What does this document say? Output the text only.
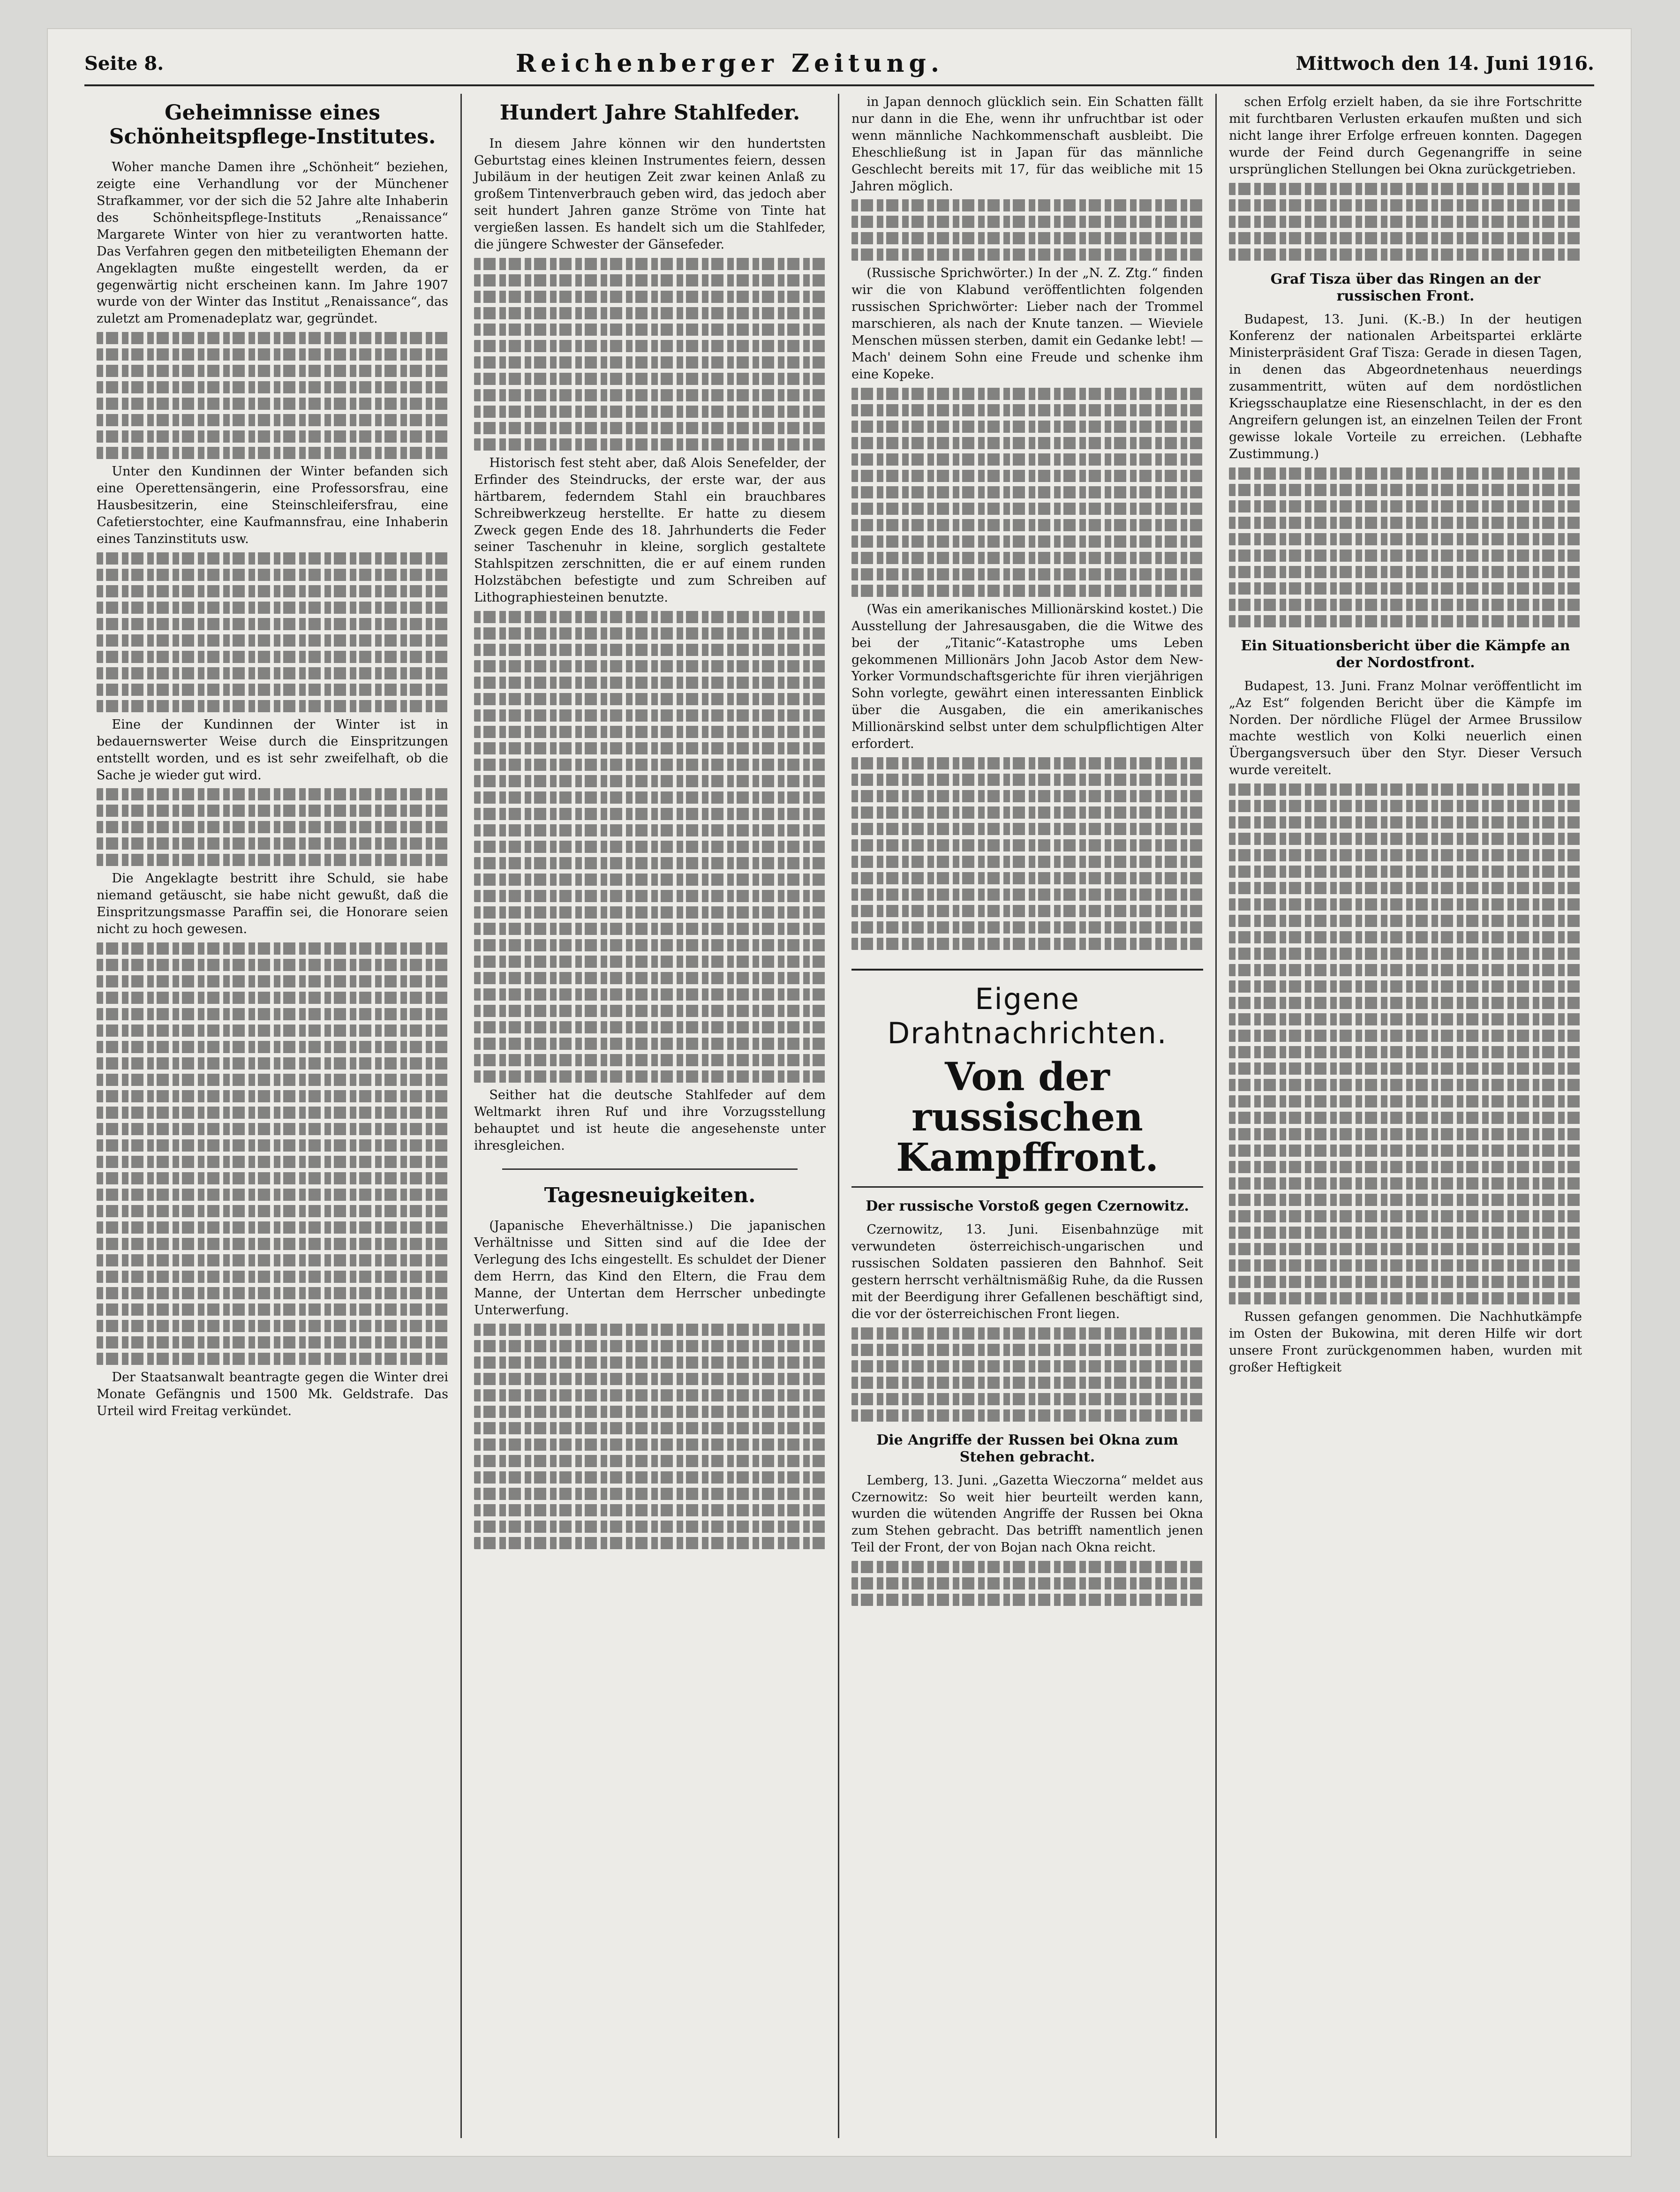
Seite 8.	Reichenberger Zeitung.	Mittwoch den 14. Juni 1916.
Geheimnisse eines Schönheitspflege-Institutes.

Woher manche Damen ihre „Schönheit“ beziehen, zeigte eine Verhandlung vor der Münchener Strafkammer, vor der sich die 52 Jahre alte Inhaberin des Schönheitspflege-Instituts „Renaissance“ Margarete Winter von hier zu verantworten hatte. Das Verfahren gegen den mitbeteiligten Ehemann der Angeklagten mußte eingestellt werden, da er gegenwärtig nicht erscheinen kann. Im Jahre 1907 wurde von der Winter das Institut „Renaissance“, das zuletzt am Promenadeplatz war, gegründet.

Unter den Kundinnen der Winter befanden sich eine Operettensängerin, eine Professorsfrau, eine Hausbesitzerin, eine Steinschleifersfrau, eine Cafetierstochter, eine Kaufmannsfrau, eine Inhaberin eines Tanzinstituts usw.

Eine der Kundinnen der Winter ist in bedauernswerter Weise durch die Einspritzungen entstellt worden, und es ist sehr zweifelhaft, ob die Sache je wieder gut wird.

Die Angeklagte bestritt ihre Schuld, sie habe niemand getäuscht, sie habe nicht gewußt, daß die Einspritzungsmasse Paraffin sei, die Honorare seien nicht zu hoch gewesen.

Der Staatsanwalt beantragte gegen die Winter drei Monate Gefängnis und 1500 Mk. Geldstrafe. Das Urteil wird Freitag verkündet.

Hundert Jahre Stahlfeder.

In diesem Jahre können wir den hundertsten Geburtstag eines kleinen Instrumentes feiern, dessen Jubiläum in der heutigen Zeit zwar keinen Anlaß zu großem Tintenverbrauch geben wird, das jedoch aber seit hundert Jahren ganze Ströme von Tinte hat vergießen lassen. Es handelt sich um die Stahlfeder, die jüngere Schwester der Gänsefeder.

Historisch fest steht aber, daß Alois Senefelder, der Erfinder des Steindrucks, der erste war, der aus härtbarem, federndem Stahl ein brauchbares Schreibwerkzeug herstellte. Er hatte zu diesem Zweck gegen Ende des 18. Jahrhunderts die Feder seiner Taschenuhr in kleine, sorglich gestaltete Stahlspitzen zerschnitten, die er auf einem runden Holzstäbchen befestigte und zum Schreiben auf Lithographiesteinen benutzte.

Seither hat die deutsche Stahlfeder auf dem Weltmarkt ihren Ruf und ihre Vorzugsstellung behauptet und ist heute die angesehenste unter ihresgleichen.

Tagesneuigkeiten.

(Japanische Eheverhältnisse.) Die japanischen Verhältnisse und Sitten sind auf die Idee der Verlegung des Ichs eingestellt. Es schuldet der Diener dem Herrn, das Kind den Eltern, die Frau dem Manne, der Untertan dem Herrscher unbedingte Unterwerfung.

in Japan dennoch glücklich sein. Ein Schatten fällt nur dann in die Ehe, wenn ihr unfruchtbar ist oder wenn männliche Nachkommenschaft ausbleibt. Die Eheschließung ist in Japan für das männliche Geschlecht bereits mit 17, für das weibliche mit 15 Jahren möglich.

(Russische Sprichwörter.) In der „N. Z. Ztg.“ finden wir die von Klabund veröffentlichten folgenden russischen Sprichwörter: Lieber nach der Trommel marschieren, als nach der Knute tanzen. — Wieviele Menschen müssen sterben, damit ein Gedanke lebt! — Mach' deinem Sohn eine Freude und schenke ihm eine Kopeke.

(Was ein amerikanisches Millionärskind kostet.) Die Ausstellung der Jahresausgaben, die die Witwe des bei der „Titanic“-Katastrophe ums Leben gekommenen Millionärs John Jacob Astor dem New-Yorker Vormundschaftsgerichte für ihren vierjährigen Sohn vorlegte, gewährt einen interessanten Einblick über die Ausgaben, die ein amerikanisches Millionärskind selbst unter dem schulpflichtigen Alter erfordert.

Eigene Drahtnachrichten.
Von der russischen Kampffront.
Der russische Vorstoß gegen Czernowitz.

Czernowitz, 13. Juni. Eisenbahnzüge mit verwundeten österreichisch-ungarischen und russischen Soldaten passieren den Bahnhof. Seit gestern herrscht verhältnismäßig Ruhe, da die Russen mit der Beerdigung ihrer Gefallenen beschäftigt sind, die vor der österreichischen Front liegen.

Die Angriffe der Russen bei Okna zum Stehen gebracht.

Lemberg, 13. Juni. „Gazetta Wieczorna“ meldet aus Czernowitz: So weit hier beurteilt werden kann, wurden die wütenden Angriffe der Russen bei Okna zum Stehen gebracht. Das betrifft namentlich jenen Teil der Front, der von Bojan nach Okna reicht.

schen Erfolg erzielt haben, da sie ihre Fortschritte mit furchtbaren Verlusten erkaufen mußten und sich nicht lange ihrer Erfolge erfreuen konnten. Dagegen wurde der Feind durch Gegenangriffe in seine ursprünglichen Stellungen bei Okna zurückgetrieben.

Graf Tisza über das Ringen an der russischen Front.

Budapest, 13. Juni. (K.-B.) In der heutigen Konferenz der nationalen Arbeitspartei erklärte Ministerpräsident Graf Tisza: Gerade in diesen Tagen, in denen das Abgeordnetenhaus neuerdings zusammentritt, wüten auf dem nordöstlichen Kriegsschauplatze eine Riesenschlacht, in der es den Angreifern gelungen ist, an einzelnen Teilen der Front gewisse lokale Vorteile zu erreichen. (Lebhafte Zustimmung.)

Ein Situationsbericht über die Kämpfe an der Nordostfront.

Budapest, 13. Juni. Franz Molnar veröffentlicht im „Az Est“ folgenden Bericht über die Kämpfe im Norden. Der nördliche Flügel der Armee Brussilow machte westlich von Kolki neuerlich einen Übergangsversuch über den Styr. Dieser Versuch wurde vereitelt.

Russen gefangen genommen. Die Nachhutkämpfe im Osten der Bukowina, mit deren Hilfe wir dort unsere Front zurückgenommen haben, wurden mit großer Heftigkeit
